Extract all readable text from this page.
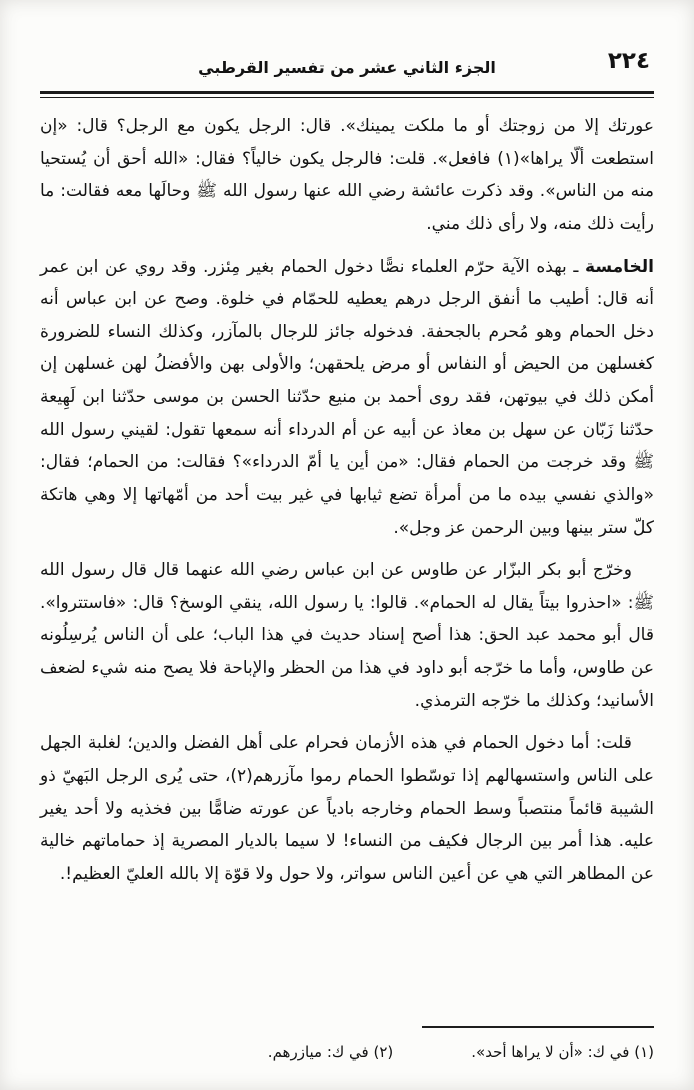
الجزء الثاني عشر من تفسير القرطبي	٢٢٤

عورتك إلا من زوجتك أو ما ملكت يمينك». قال: الرجل يكون مع الرجل؟ قال: «إن استطعت ألّا يراها»(١) فافعل». قلت: فالرجل يكون خالياً؟ فقال: «الله أحق أن يُستحيا منه من الناس». وقد ذكرت عائشة رضي الله عنها رسول الله ﷺ وحالَها معه فقالت: ما رأيت ذلك منه، ولا رأى ذلك مني.

الخامسة ـ بهذه الآية حرّم العلماء نصًّا دخول الحمام بغير مِئزر. وقد روي عن ابن عمر أنه قال: أطيب ما أنفق الرجل درهم يعطيه للحمّام في خلوة. وصح عن ابن عباس أنه دخل الحمام وهو مُحرم بالجحفة. فدخوله جائز للرجال بالمآزر، وكذلك النساء للضرورة كغسلهن من الحيض أو النفاس أو مرض يلحقهن؛ والأولى بهن والأفضلُ لهن غسلهن إن أمكن ذلك في بيوتهن، فقد روى أحمد بن منيع حدّثنا الحسن بن موسى حدّثنا ابن لَهِيعة حدّثنا زَبّان عن سهل بن معاذ عن أبيه عن أم الدرداء أنه سمعها تقول: لقيني رسول الله ﷺ وقد خرجت من الحمام فقال: «من أين يا أمّ الدرداء»؟ فقالت: من الحمام؛ فقال: «والذي نفسي بيده ما من أمرأة تضع ثيابها في غير بيت أحد من أمّهاتها إلا وهي هاتكة كلّ ستر بينها وبين الرحمن عز وجل».

وخرّج أبو بكر البزّار عن طاوس عن ابن عباس رضي الله عنهما قال قال رسول الله ﷺ: «احذروا بيتاً يقال له الحمام». قالوا: يا رسول الله، ينقي الوسخ؟ قال: «فاستتروا». قال أبو محمد عبد الحق: هذا أصح إسناد حديث في هذا الباب؛ على أن الناس يُرسِلُونه عن طاوس، وأما ما خرّجه أبو داود في هذا من الحظر والإباحة فلا يصح منه شيء لضعف الأسانيد؛ وكذلك ما خرّجه الترمذي.

قلت: أما دخول الحمام في هذه الأزمان فحرام على أهل الفضل والدين؛ لغلبة الجهل على الناس واستسهالهم إذا توسّطوا الحمام رموا مآزرهم(٢)، حتى يُرى الرجل البَهيّ ذو الشيبة قائماً منتصباً وسط الحمام وخارجه بادياً عن عورته ضامًّا بين فخذيه ولا أحد يغير عليه. هذا أمر بين الرجال فكيف من النساء! لا سيما بالديار المصرية إذ حماماتهم خالية عن المطاهر التي هي عن أعين الناس سواتر، ولا حول ولا قوّة إلا بالله العليّ العظيم!.

(١) في ك: «أن لا يراها أحد».
(٢) في ك: ميازرهم.
